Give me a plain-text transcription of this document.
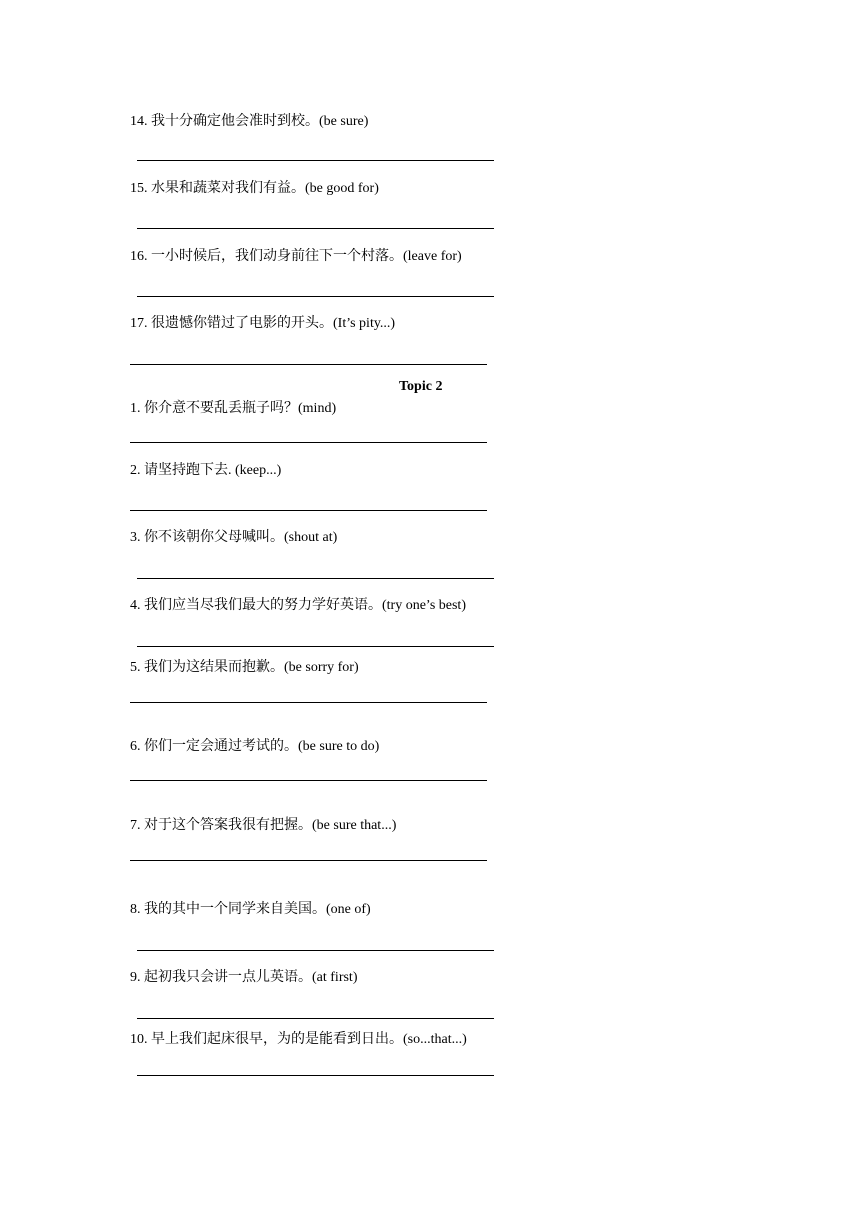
14. 我十分确定他会准时到校。(be sure)
15. 水果和蔬菜对我们有益。(be good for)
16. 一小时候后，我们动身前往下一个村落。(leave for)
17. 很遗憾你错过了电影的开头。(It’s pity...)
Topic 2
1. 你介意不要乱丢瓶子吗？(mind)
2. 请坚持跑下去. (keep...)
3. 你不该朝你父母喊叫。(shout at)
4. 我们应当尽我们最大的努力学好英语。(try one’s best)
5. 我们为这结果而抱歉。(be sorry for)
6. 你们一定会通过考试的。(be sure to do)
7. 对于这个答案我很有把握。(be sure that...)
8. 我的其中一个同学来自美国。(one of)
9. 起初我只会讲一点儿英语。(at first)
10. 早上我们起床很早，为的是能看到日出。(so...that...)
